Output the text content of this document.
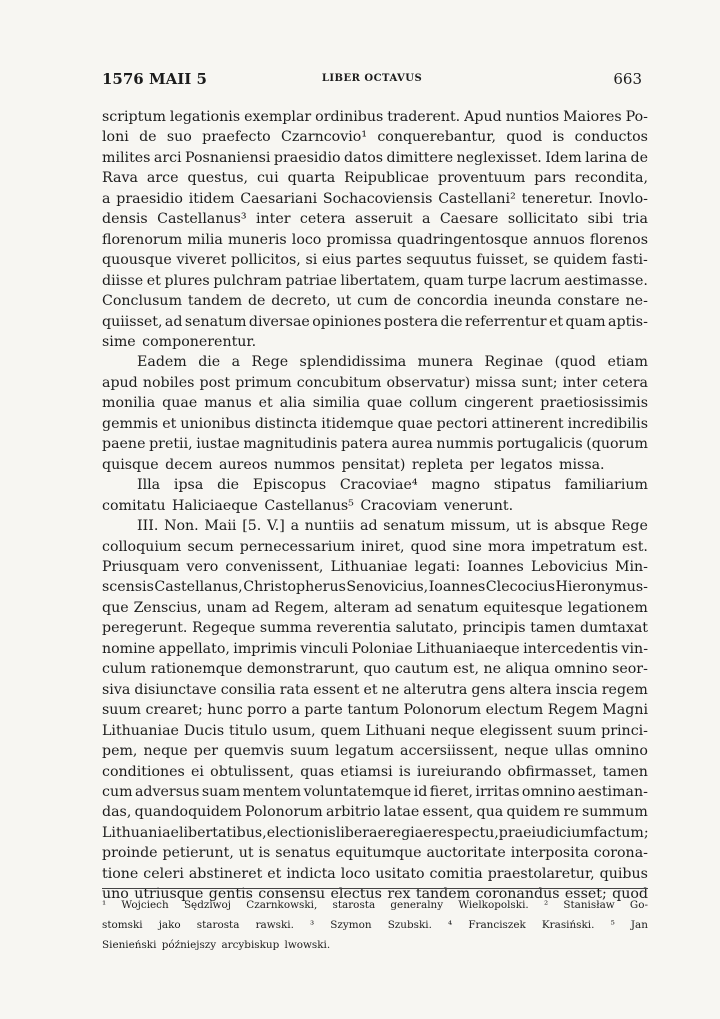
1576 MAII 5	LIBER OCTAVUS	663
scriptum legationis exemplar ordinibus traderent. Apud nuntios Maiores Po-
loni de suo praefecto Czarncovio¹ conquerebantur, quod is conductos
milites arci Posnaniensi praesidio datos dimittere neglexisset. Idem larina de
Rava arce questus, cui quarta Reipublicae proventuum pars recondita,
a praesidio itidem Caesariani Sochacoviensis Castellani² teneretur. Inovlo-
densis Castellanus³ inter cetera asseruit a Caesare sollicitato sibi tria
florenorum milia muneris loco promissa quadringentosque annuos florenos
quousque viveret pollicitos, si eius partes sequutus fuisset, se quidem fasti-
diisse et plures pulchram patriae libertatem, quam turpe lacrum aestimasse.
Conclusum tandem de decreto, ut cum de concordia ineunda constare ne-
quiisset, ad senatum diversae opiniones postera die referrentur et quam aptis-
sime componerentur.
Eadem die a Rege splendidissima munera Reginae (quod etiam
apud nobiles post primum concubitum observatur) missa sunt; inter cetera
monilia quae manus et alia similia quae collum cingerent praetiosissimis
gemmis et unionibus distincta itidemque quae pectori attinerent incredibilis
paene pretii, iustae magnitudinis patera aurea nummis portugalicis (quorum
quisque decem aureos nummos pensitat) repleta per legatos missa.
Illa ipsa die Episcopus Cracoviae⁴ magno stipatus familiarium
comitatu Haliciaeque Castellanus⁵ Cracoviam venerunt.
III. Non. Maii [5. V.] a nuntiis ad senatum missum, ut is absque Rege
colloquium secum pernecessarium iniret, quod sine mora impetratum est.
Priusquam vero convenissent, Lithuaniae legati: Ioannes Lebovicius Min-
scensis Castellanus, Christopherus Senovicius, Ioannes Clecocius Hieronymus-
que Zenscius, unam ad Regem, alteram ad senatum equitesque legationem
peregerunt. Regeque summa reverentia salutato, principis tamen dumtaxat
nomine appellato, imprimis vinculi Poloniae Lithuaniaeque intercedentis vin-
culum rationemque demonstrarunt, quo cautum est, ne aliqua omnino seor-
siva disiunctave consilia rata essent et ne alterutra gens altera inscia regem
suum crearet; hunc porro a parte tantum Polonorum electum Regem Magni
Lithuaniae Ducis titulo usum, quem Lithuani neque elegissent suum princi-
pem, neque per quemvis suum legatum accersiissent, neque ullas omnino
conditiones ei obtulissent, quas etiamsi is iureiurando obfirmasset, tamen
cum adversus suam mentem voluntatemque id fieret, irritas omnino aestiman-
das, quandoquidem Polonorum arbitrio latae essent, qua quidem re summum
Lithuaniae libertatibus, electionis liberae regiae respectu, praeiudicium factum;
proinde petierunt, ut is senatus equitumque auctoritate interposita corona-
tione celeri abstineret et indicta loco usitato comitia praestolaretur, quibus
uno utriusque gentis consensu electus rex tandem coronandus esset; quod
¹ Wojciech Sędziwoj Czarnkowski, starosta generalny Wielkopolski. ² Stanisław Go-
stomski jako starosta rawski. ³ Szymon Szubski. ⁴ Franciszek Krasiński. ⁵ Jan
Sienieński późniejszy arcybiskup lwowski.
